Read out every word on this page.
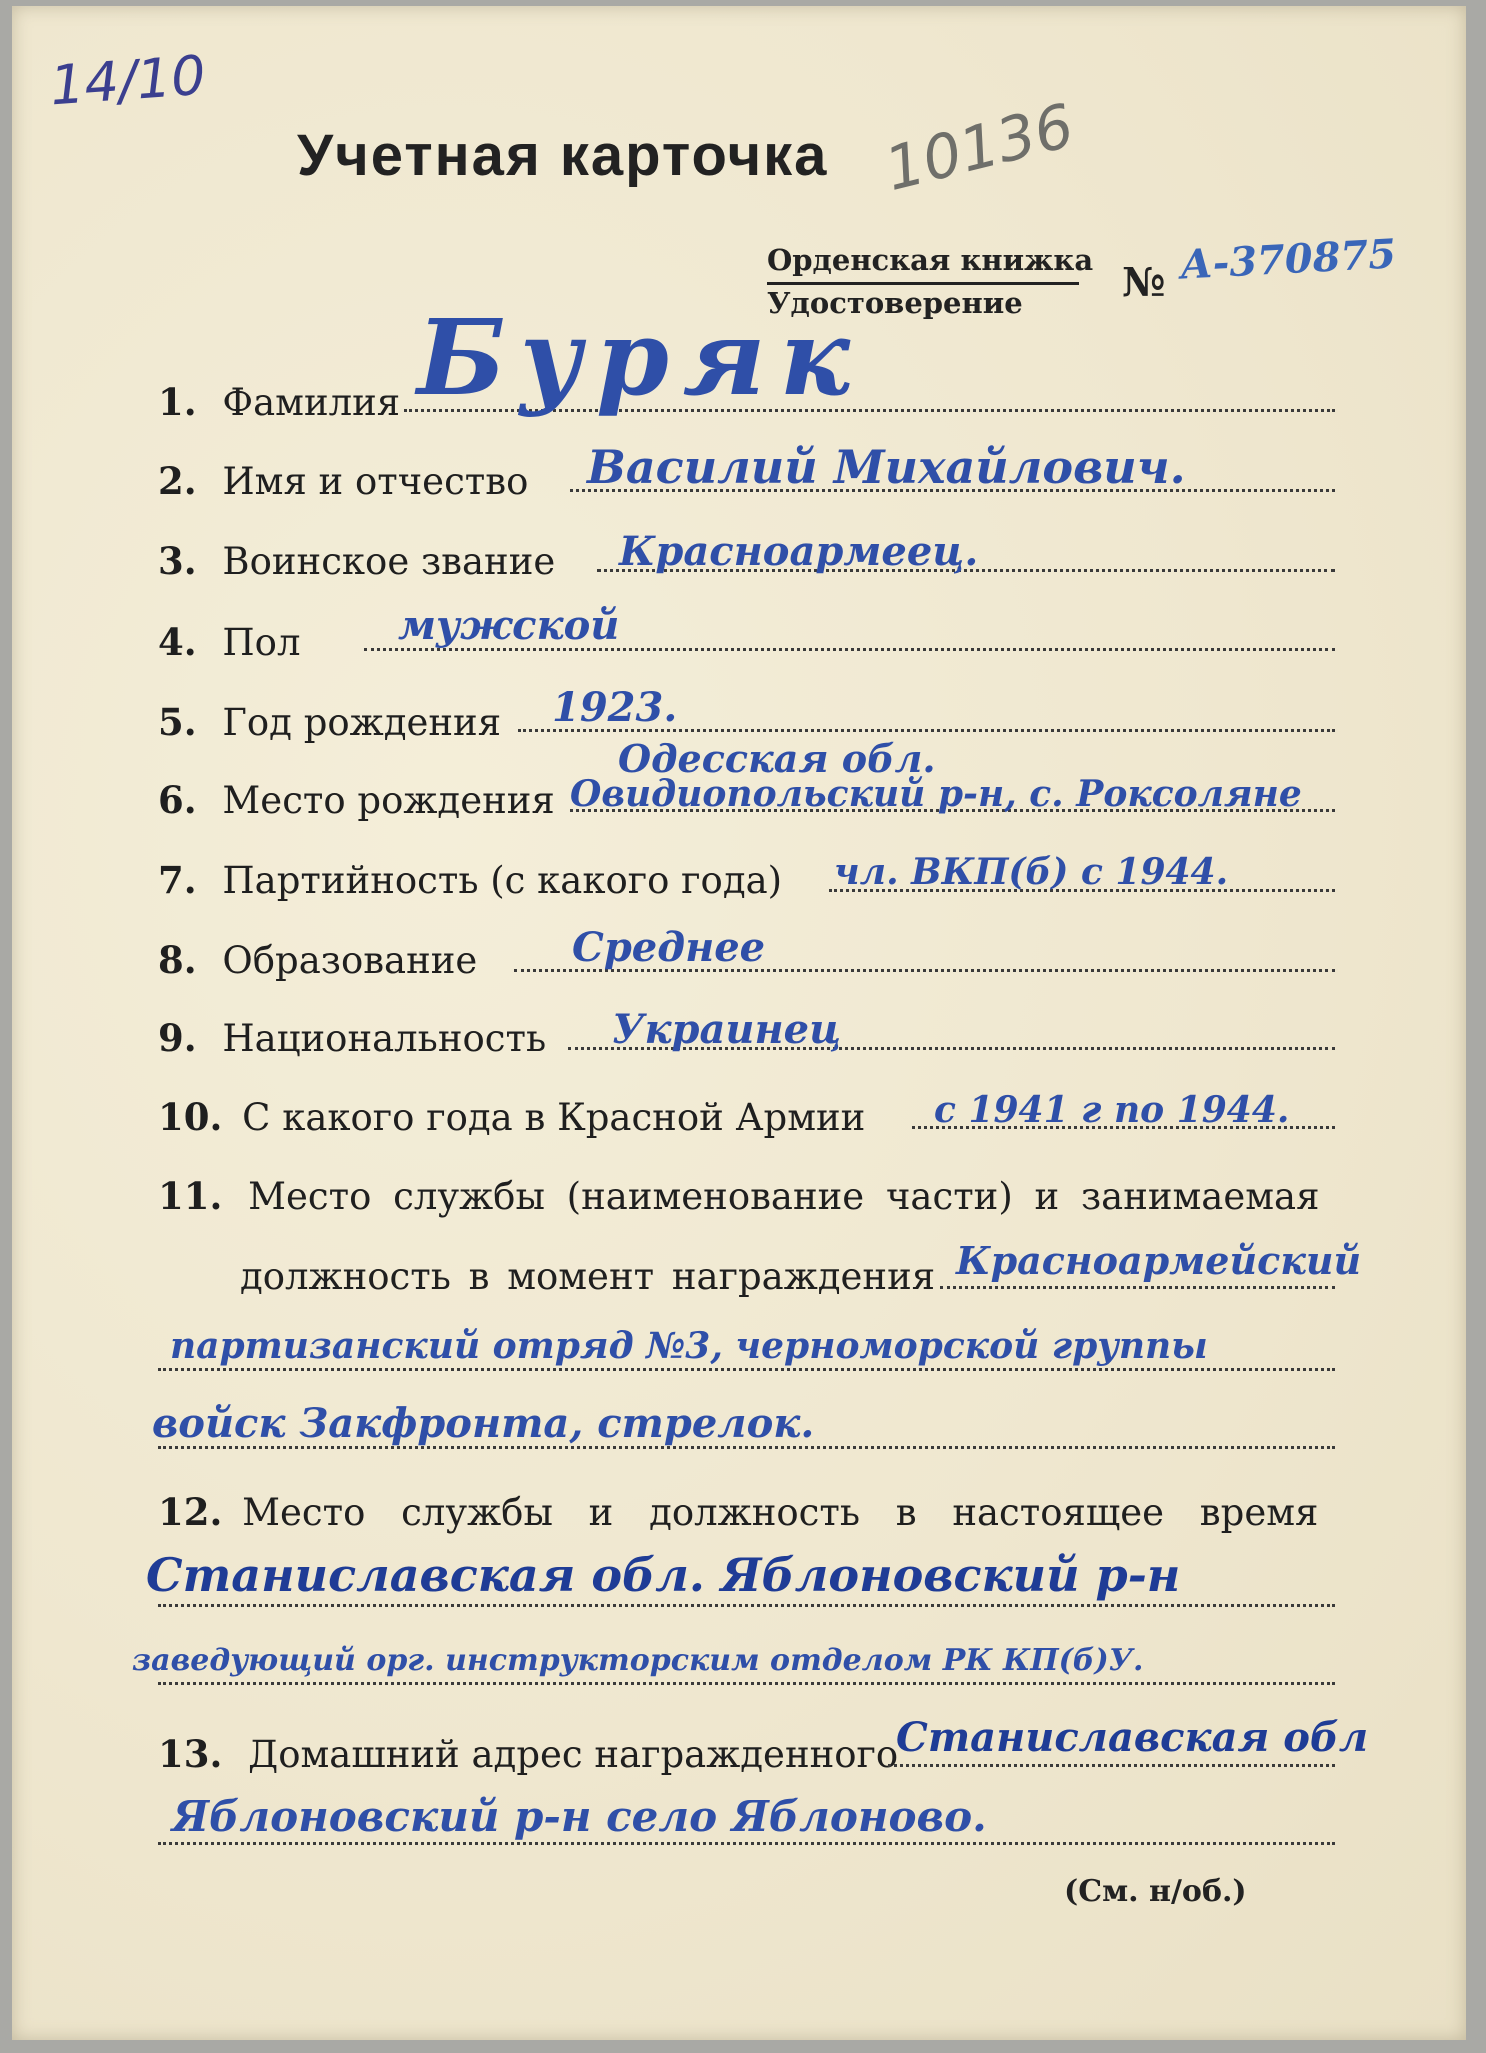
14/10
10136
Учетная карточка
Орденская книжка
Удостоверение № А-370875
1. Фамилия Буряк
2. Имя и отчество Василий Михайлович.
3. Воинское звание Красноармеец.
4. Пол мужской
5. Год рождения 1923.
Одесская обл.
6. Место рождения Овидиопольский р-н, с. Роксоляне
7. Партийность (с какого года) чл. ВКП(б) с 1944.
8. Образование Среднее
9. Национальность Украинец
10. С какого года в Красной Армии с 1941 г по 1944.
11. Место службы (наименование части) и занимаемая
должность в момент награждения Красноармейский
партизанский отряд №3, черноморской группы
войск Закфронта, стрелок.
12. Место службы и должность в настоящее время
Станиславская обл. Яблоновский р-н
заведующий орг. инструкторским отделом РК КП(б)У.
13. Домашний адрес награжденного
Станиславская обл
Яблоновский р-н село Яблоново.
(См. н/об.)
